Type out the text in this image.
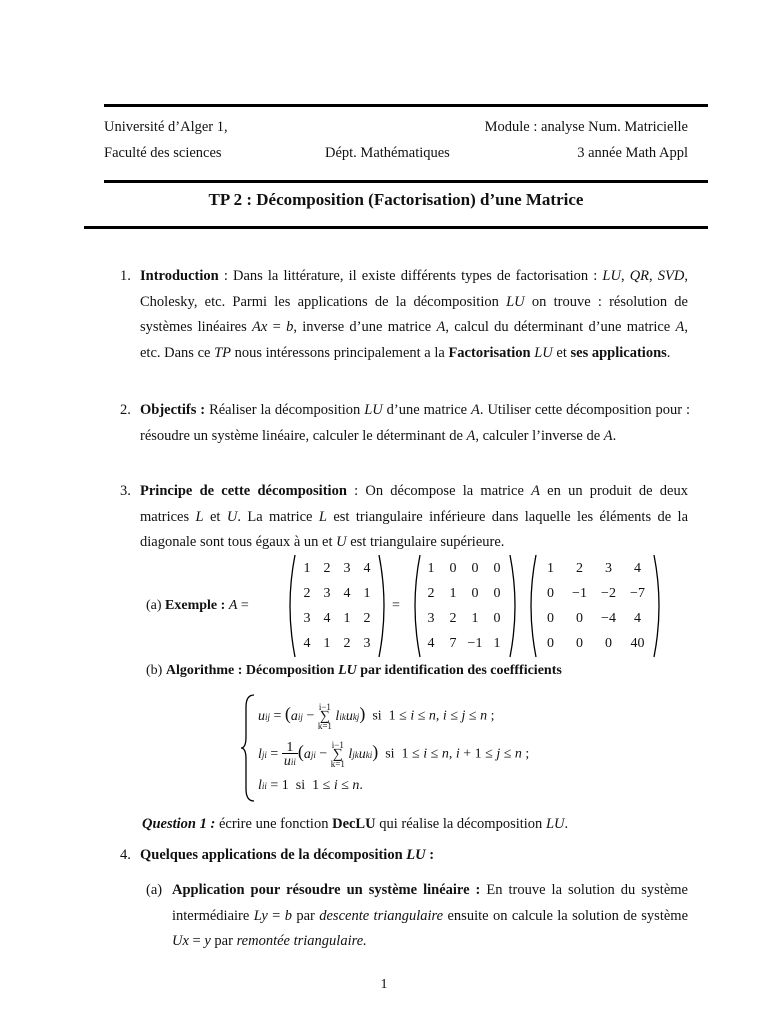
Université d’Alger 1,	Module : analyse Num. Matricielle
Faculté des sciences	Dépt. Mathématiques	3 année Math Appl
TP 2 : Décomposition (Factorisation) d’une Matrice
1. Introduction : Dans la littérature, il existe différents types de factorisation : LU, QR, SVD, Cholesky, etc. Parmi les applications de la décomposition LU on trouve : résolution de systèmes linéaires Ax = b, inverse d’une matrice A, calcul du déterminant d’une matrice A, etc. Dans ce TP nous intéressons principalement a la Factorisation LU et ses applications.
2. Objectifs : Réaliser la décomposition LU d’une matrice A. Utiliser cette décomposition pour : résoudre un système linéaire, calculer le déterminant de A, calculer l’inverse de A.
3. Principe de cette décomposition : On décompose la matrice A en un produit de deux matrices L et U. La matrice L est triangulaire inférieure dans laquelle les éléments de la diagonale sont tous égaux à un et U est triangulaire supérieure.
(a) Exemple : A =
1	2	3	4
2	3	4	1
3	4	1	2
4	1	2	3
=
1	0	0	0
2	1	0	0
3	2	1	0
4	7	−1	1
1	2	3	4
0	−1	−2	−7
0	0	−4	4
0	0	0	40
(b) Algorithme : Décomposition LU par identification des coeffficients
uij = (aij − i−1
∑
k=1 likukj)  si  1 ≤ i ≤ n, i ≤ j ≤ n ;
lji = 1
uii (aji − i−1
∑
k=1 ljkuki)  si  1 ≤ i ≤ n, i + 1 ≤ j ≤ n ;
lii = 1  si  1 ≤ i ≤ n.
Question 1 : écrire une fonction DecLU qui réalise la décomposition LU.
4. Quelques applications de la décomposition LU :
(a) Application pour résoudre un système linéaire : En trouve la solution du système intermédiaire Ly = b par descente triangulaire ensuite on calcule la solution de système Ux = y par remontée triangulaire.
1
